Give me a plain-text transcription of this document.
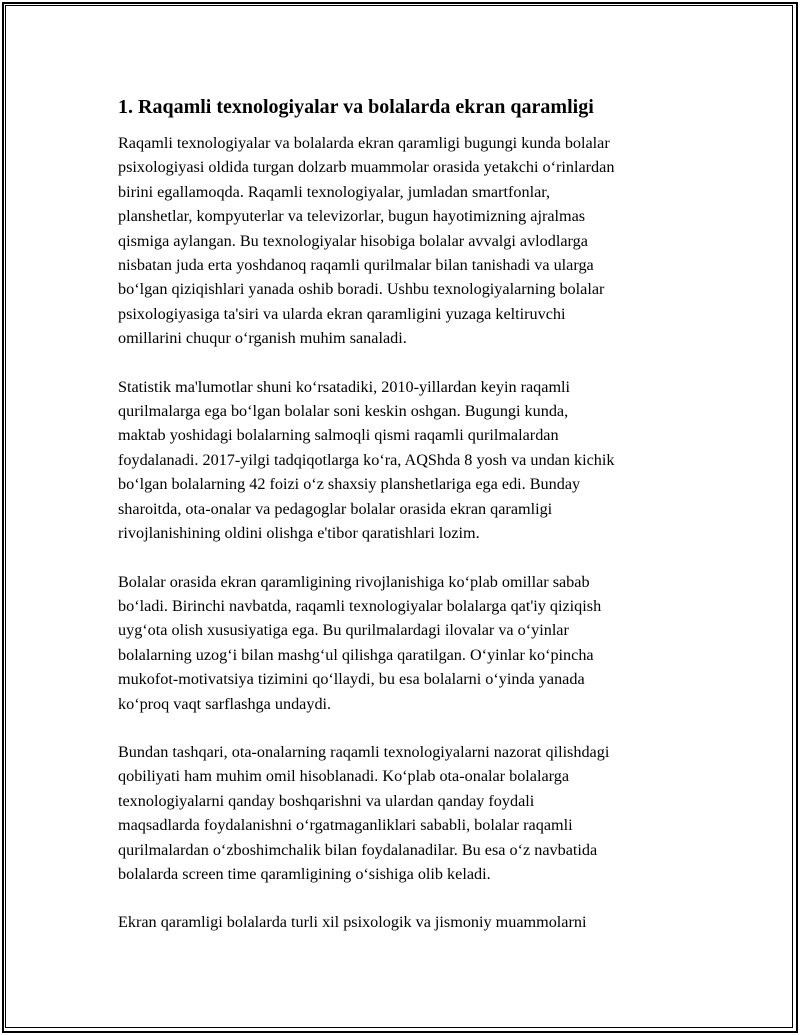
1. Raqamli texnologiyalar va bolalarda ekran qaramligi
Raqamli texnologiyalar va bolalarda ekran qaramligi bugungi kunda bolalar
psixologiyasi oldida turgan dolzarb muammolar orasida yetakchi o‘rinlardan
birini egallamoqda. Raqamli texnologiyalar, jumladan smartfonlar,
planshetlar, kompyuterlar va televizorlar, bugun hayotimizning ajralmas
qismiga aylangan. Bu texnologiyalar hisobiga bolalar avvalgi avlodlarga
nisbatan juda erta yoshdanoq raqamli qurilmalar bilan tanishadi va ularga
bo‘lgan qiziqishlari yanada oshib boradi. Ushbu texnologiyalarning bolalar
psixologiyasiga ta'siri va ularda ekran qaramligini yuzaga keltiruvchi
omillarini chuqur o‘rganish muhim sanaladi.
Statistik ma'lumotlar shuni ko‘rsatadiki, 2010-yillardan keyin raqamli
qurilmalarga ega bo‘lgan bolalar soni keskin oshgan. Bugungi kunda,
maktab yoshidagi bolalarning salmoqli qismi raqamli qurilmalardan
foydalanadi. 2017-yilgi tadqiqotlarga ko‘ra, AQShda 8 yosh va undan kichik
bo‘lgan bolalarning 42 foizi o‘z shaxsiy planshetlariga ega edi. Bunday
sharoitda, ota-onalar va pedagoglar bolalar orasida ekran qaramligi
rivojlanishining oldini olishga e'tibor qaratishlari lozim.
Bolalar orasida ekran qaramligining rivojlanishiga ko‘plab omillar sabab
bo‘ladi. Birinchi navbatda, raqamli texnologiyalar bolalarga qat'iy qiziqish
uyg‘ota olish xususiyatiga ega. Bu qurilmalardagi ilovalar va o‘yinlar
bolalarning uzog‘i bilan mashg‘ul qilishga qaratilgan. O‘yinlar ko‘pincha
mukofot-motivatsiya tizimini qo‘llaydi, bu esa bolalarni o‘yinda yanada
ko‘proq vaqt sarflashga undaydi.
Bundan tashqari, ota-onalarning raqamli texnologiyalarni nazorat qilishdagi
qobiliyati ham muhim omil hisoblanadi. Ko‘plab ota-onalar bolalarga
texnologiyalarni qanday boshqarishni va ulardan qanday foydali
maqsadlarda foydalanishni o‘rgatmaganliklari sababli, bolalar raqamli
qurilmalardan o‘zboshimchalik bilan foydalanadilar. Bu esa o‘z navbatida
bolalarda screen time qaramligining o‘sishiga olib keladi.
Ekran qaramligi bolalarda turli xil psixologik va jismoniy muammolarni
